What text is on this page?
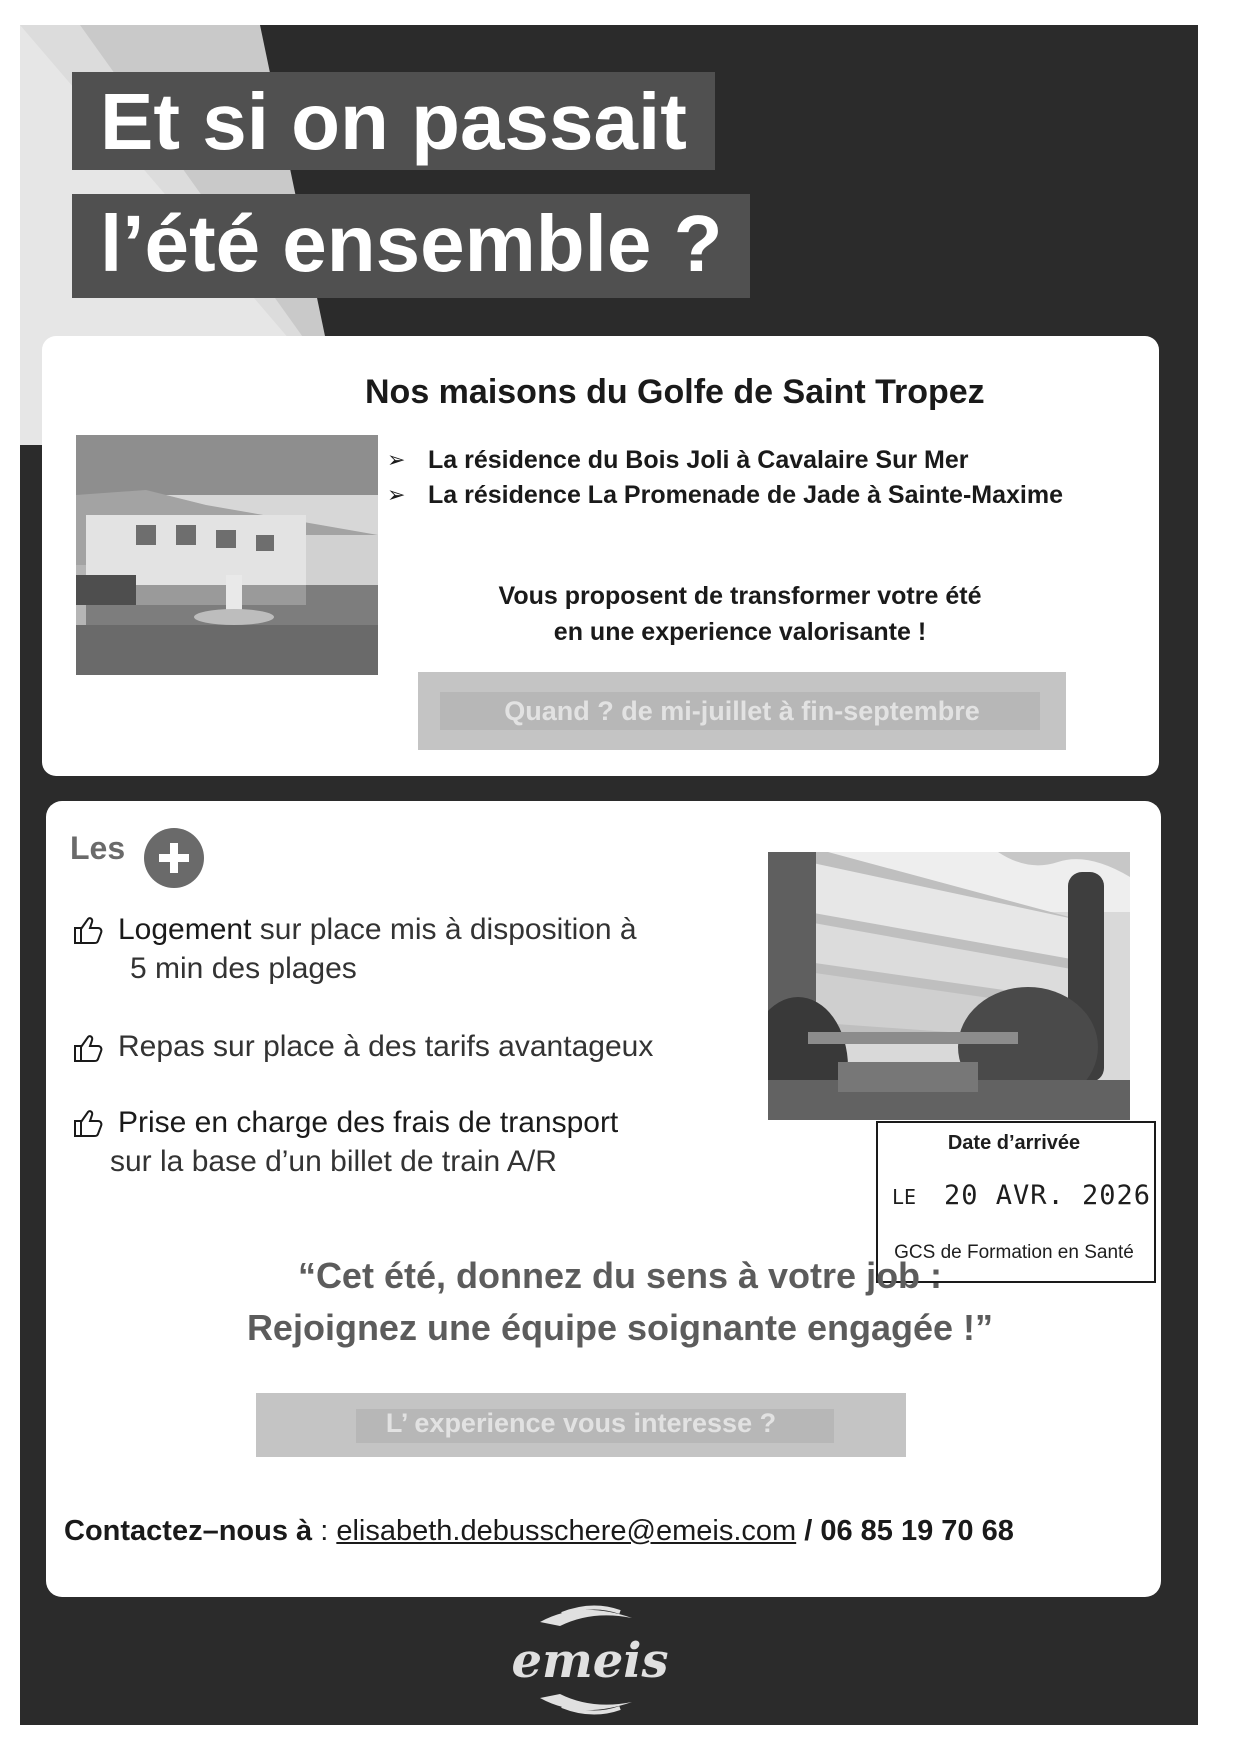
Et si on passait
l’été ensemble ?
Nos maisons du Golfe de Saint Tropez
➢ La résidence du Bois Joli à Cavalaire Sur Mer
➢ La résidence La Promenade de Jade à Sainte-Maxime
Vous proposent de transformer votre été
en une experience valorisante !
Quand ? de mi-juillet à fin-septembre
Les
Logement sur place mis à disposition à
5 min des plages
Repas sur place à des tarifs avantageux
Prise en charge des frais de transport
sur la base d’un billet de train A/R
Date d’arrivée
LE 20 AVR. 2026
GCS de Formation en Santé
“Cet été, donnez du sens à votre job :
Rejoignez une équipe soignante engagée !”
L’ experience vous interesse ?
Contactez–nous à : elisabeth.debusschere@emeis.com / 06 85 19 70 68
emeis
